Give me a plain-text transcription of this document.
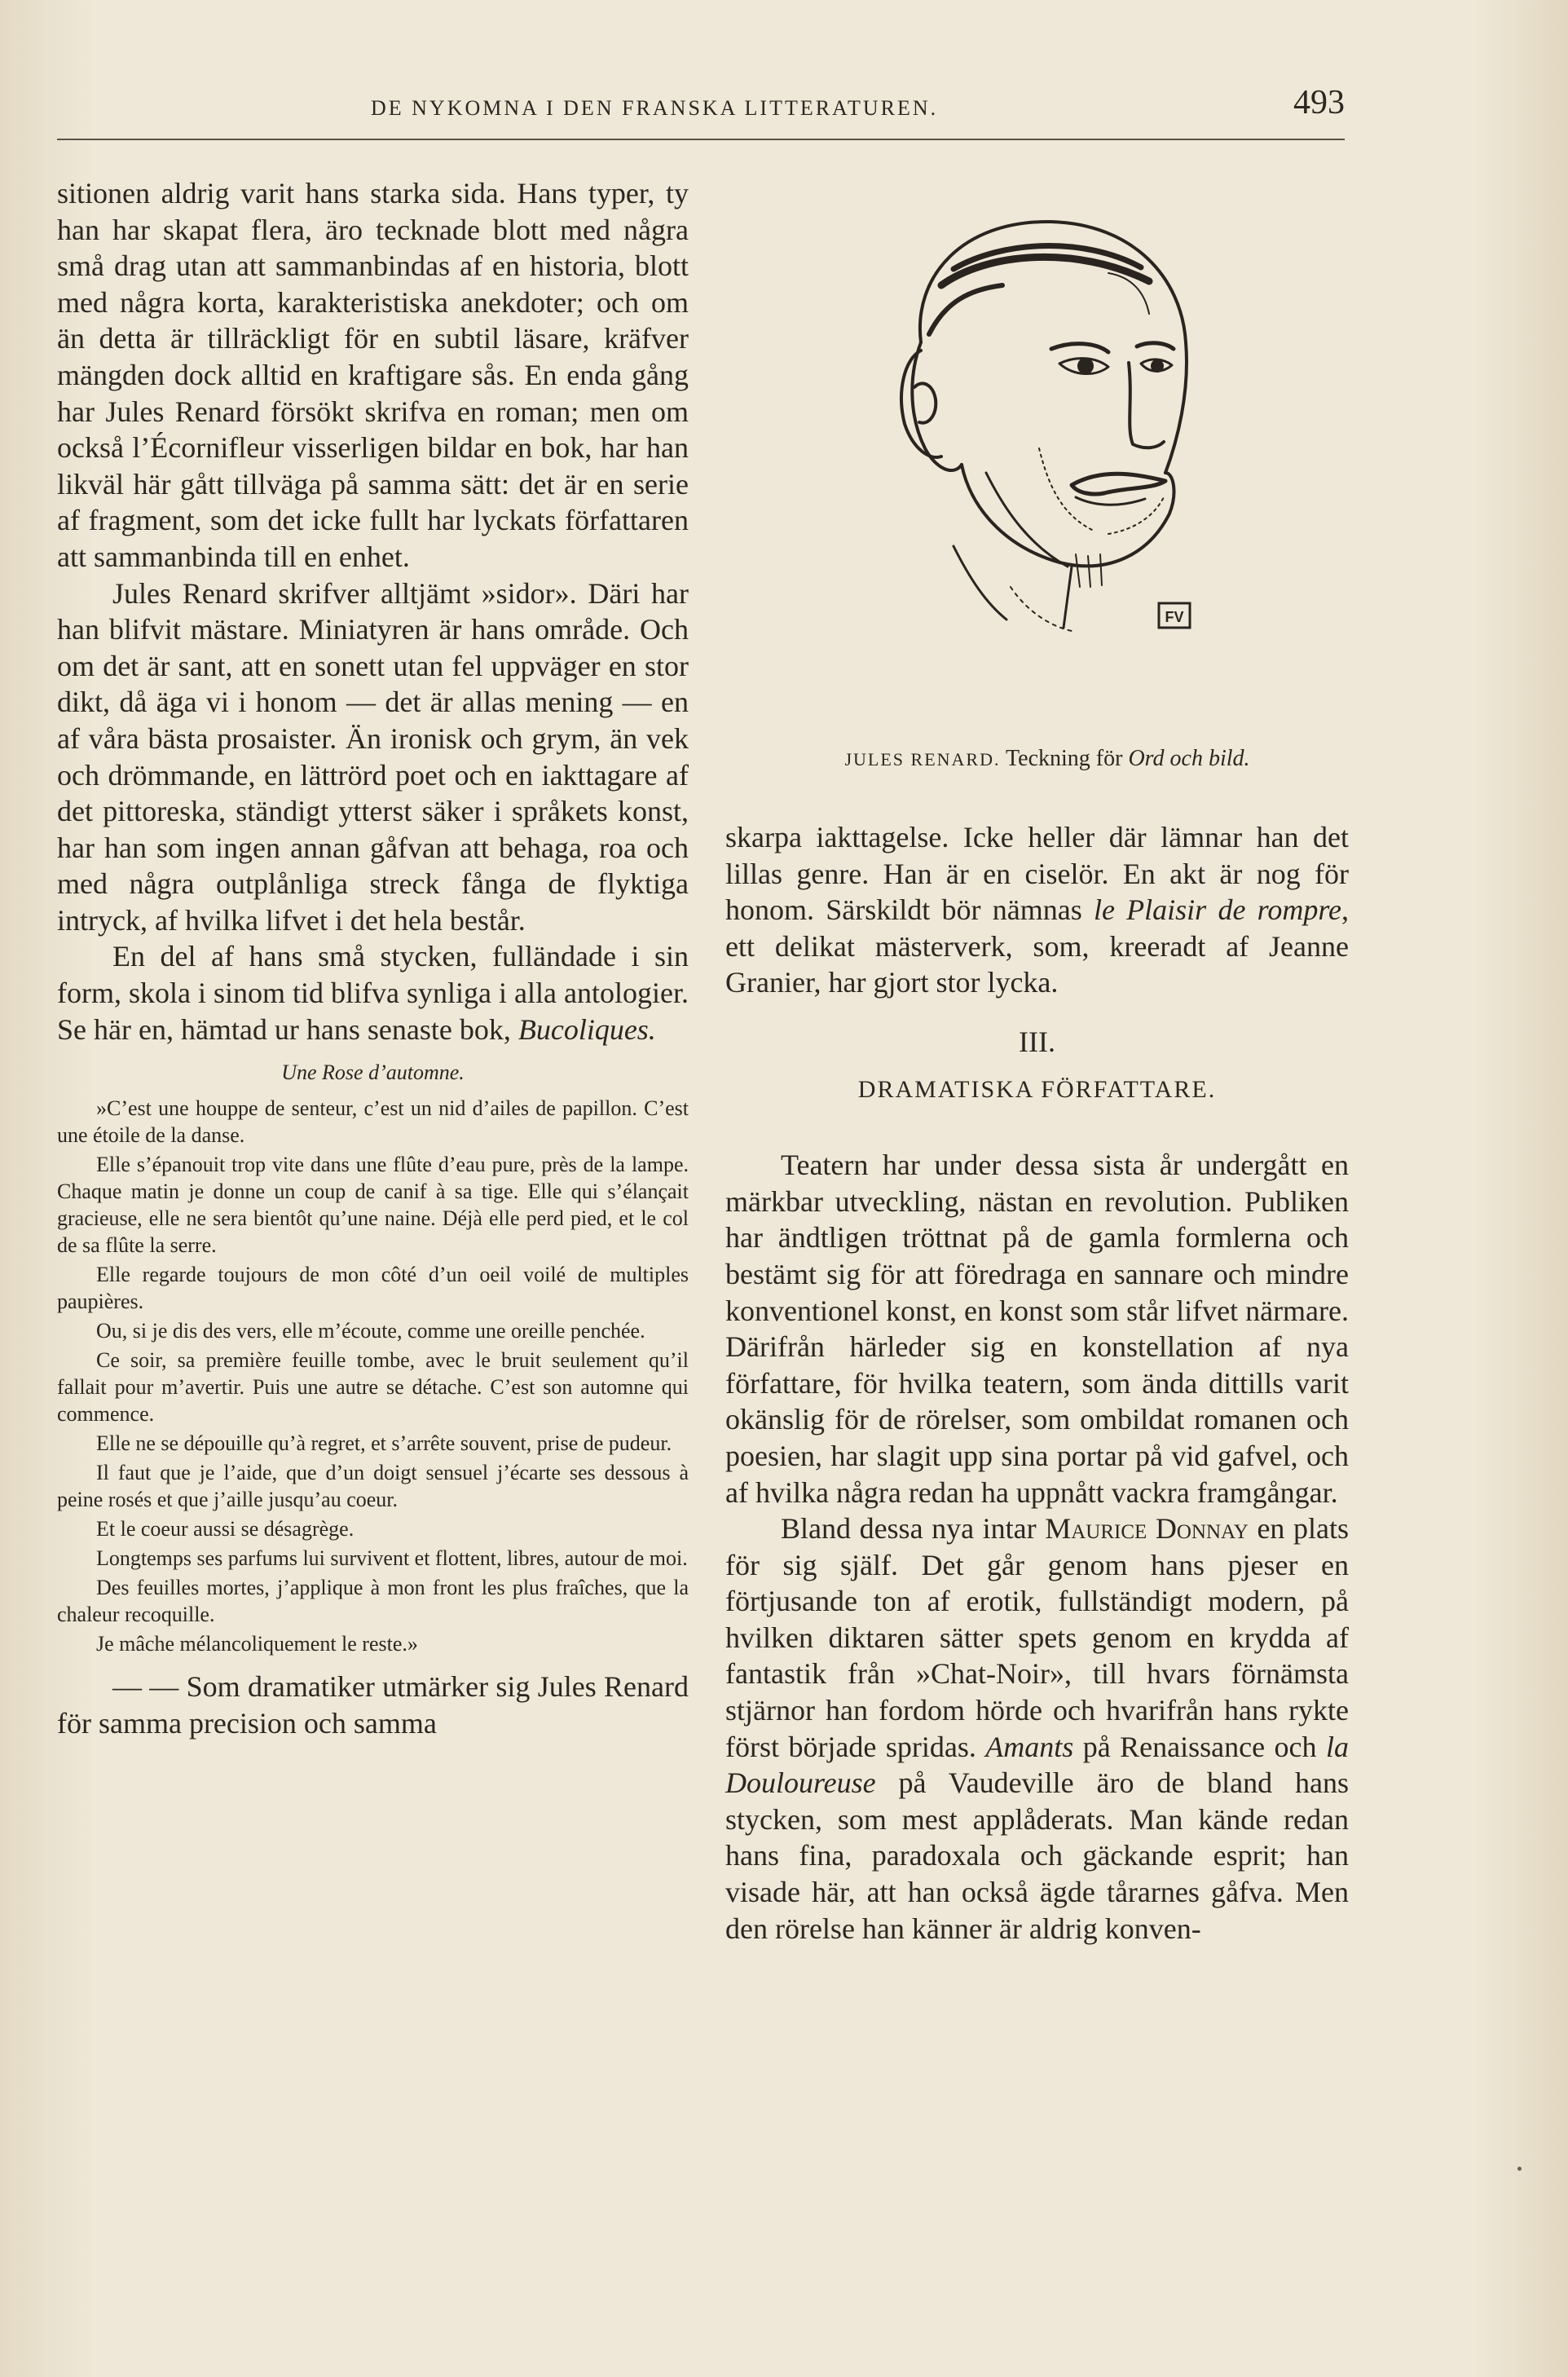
DE NYKOMNA I DEN FRANSKA LITTERATUREN.	493

sitionen aldrig varit hans starka sida. Hans typer, ty han har skapat flera, äro tecknade blott med några små drag utan att sammanbindas af en historia, blott med några korta, karakteristiska anekdoter; och om än detta är tillräckligt för en subtil läsare, kräfver mängden dock alltid en kraftigare sås. En enda gång har Jules Renard försökt skrifva en roman; men om också l’Écornifleur visserligen bildar en bok, har han likväl här gått tillväga på samma sätt: det är en serie af fragment, som det icke fullt har lyckats författaren att sammanbinda till en enhet.

Jules Renard skrifver alltjämt »sidor». Däri har han blifvit mästare. Miniatyren är hans område. Och om det är sant, att en sonett utan fel uppväger en stor dikt, då äga vi i honom — det är allas mening — en af våra bästa prosaister. Än ironisk och grym, än vek och drömmande, en lättrörd poet och en iakttagare af det pittoreska, ständigt ytterst säker i språkets konst, har han som ingen annan gåfvan att behaga, roa och med några outplånliga streck fånga de flyktiga intryck, af hvilka lifvet i det hela består.

En del af hans små stycken, fulländade i sin form, skola i sinom tid blifva synliga i alla antologier. Se här en, hämtad ur hans senaste bok, Bucoliques.

Une Rose d’automne.

»C’est une houppe de senteur, c’est un nid d’ailes de papillon. C’est une étoile de la danse.

Elle s’épanouit trop vite dans une flûte d’eau pure, près de la lampe. Chaque matin je donne un coup de canif à sa tige. Elle qui s’élançait gracieuse, elle ne sera bientôt qu’une naine. Déjà elle perd pied, et le col de sa flûte la serre.

Elle regarde toujours de mon côté d’un oeil voilé de multiples paupières.

Ou, si je dis des vers, elle m’écoute, comme une oreille penchée.

Ce soir, sa première feuille tombe, avec le bruit seulement qu’il fallait pour m’avertir. Puis une autre se détache. C’est son automne qui commence.

Elle ne se dépouille qu’à regret, et s’arrête souvent, prise de pudeur.

Il faut que je l’aide, que d’un doigt sensuel j’écarte ses dessous à peine rosés et que j’aille jusqu’au coeur.

Et le coeur aussi se désagrège.

Longtemps ses parfums lui survivent et flottent, libres, autour de moi.

Des feuilles mortes, j’applique à mon front les plus fraîches, que la chaleur recoquille.

Je mâche mélancoliquement le reste.»

— — Som dramatiker utmärker sig Jules Renard för samma precision och samma

FV
JULES RENARD. Teckning för Ord och bild.

skarpa iakttagelse. Icke heller där lämnar han det lillas genre. Han är en ciselör. En akt är nog för honom. Särskildt bör nämnas le Plaisir de rompre, ett delikat mästerverk, som, kreeradt af Jeanne Granier, har gjort stor lycka.

III.
DRAMATISKA FÖRFATTARE.

Teatern har under dessa sista år undergått en märkbar utveckling, nästan en revolution. Publiken har ändtligen tröttnat på de gamla formlerna och bestämt sig för att föredraga en sannare och mindre konventionel konst, en konst som står lifvet närmare. Därifrån härleder sig en konstellation af nya författare, för hvilka teatern, som ända dittills varit okänslig för de rörelser, som ombildat romanen och poesien, har slagit upp sina portar på vid gafvel, och af hvilka några redan ha uppnått vackra framgångar.

Bland dessa nya intar Maurice Donnay en plats för sig själf. Det går genom hans pjeser en förtjusande ton af erotik, fullständigt modern, på hvilken diktaren sätter spets genom en krydda af fantastik från »Chat-Noir», till hvars förnämsta stjärnor han fordom hörde och hvarifrån hans rykte först började spridas. Amants på Renaissance och la Douloureuse på Vaudeville äro de bland hans stycken, som mest applåderats. Man kände redan hans fina, paradoxala och gäckande esprit; han visade här, att han också ägde tårarnes gåfva. Men den rörelse han känner är aldrig konven-
